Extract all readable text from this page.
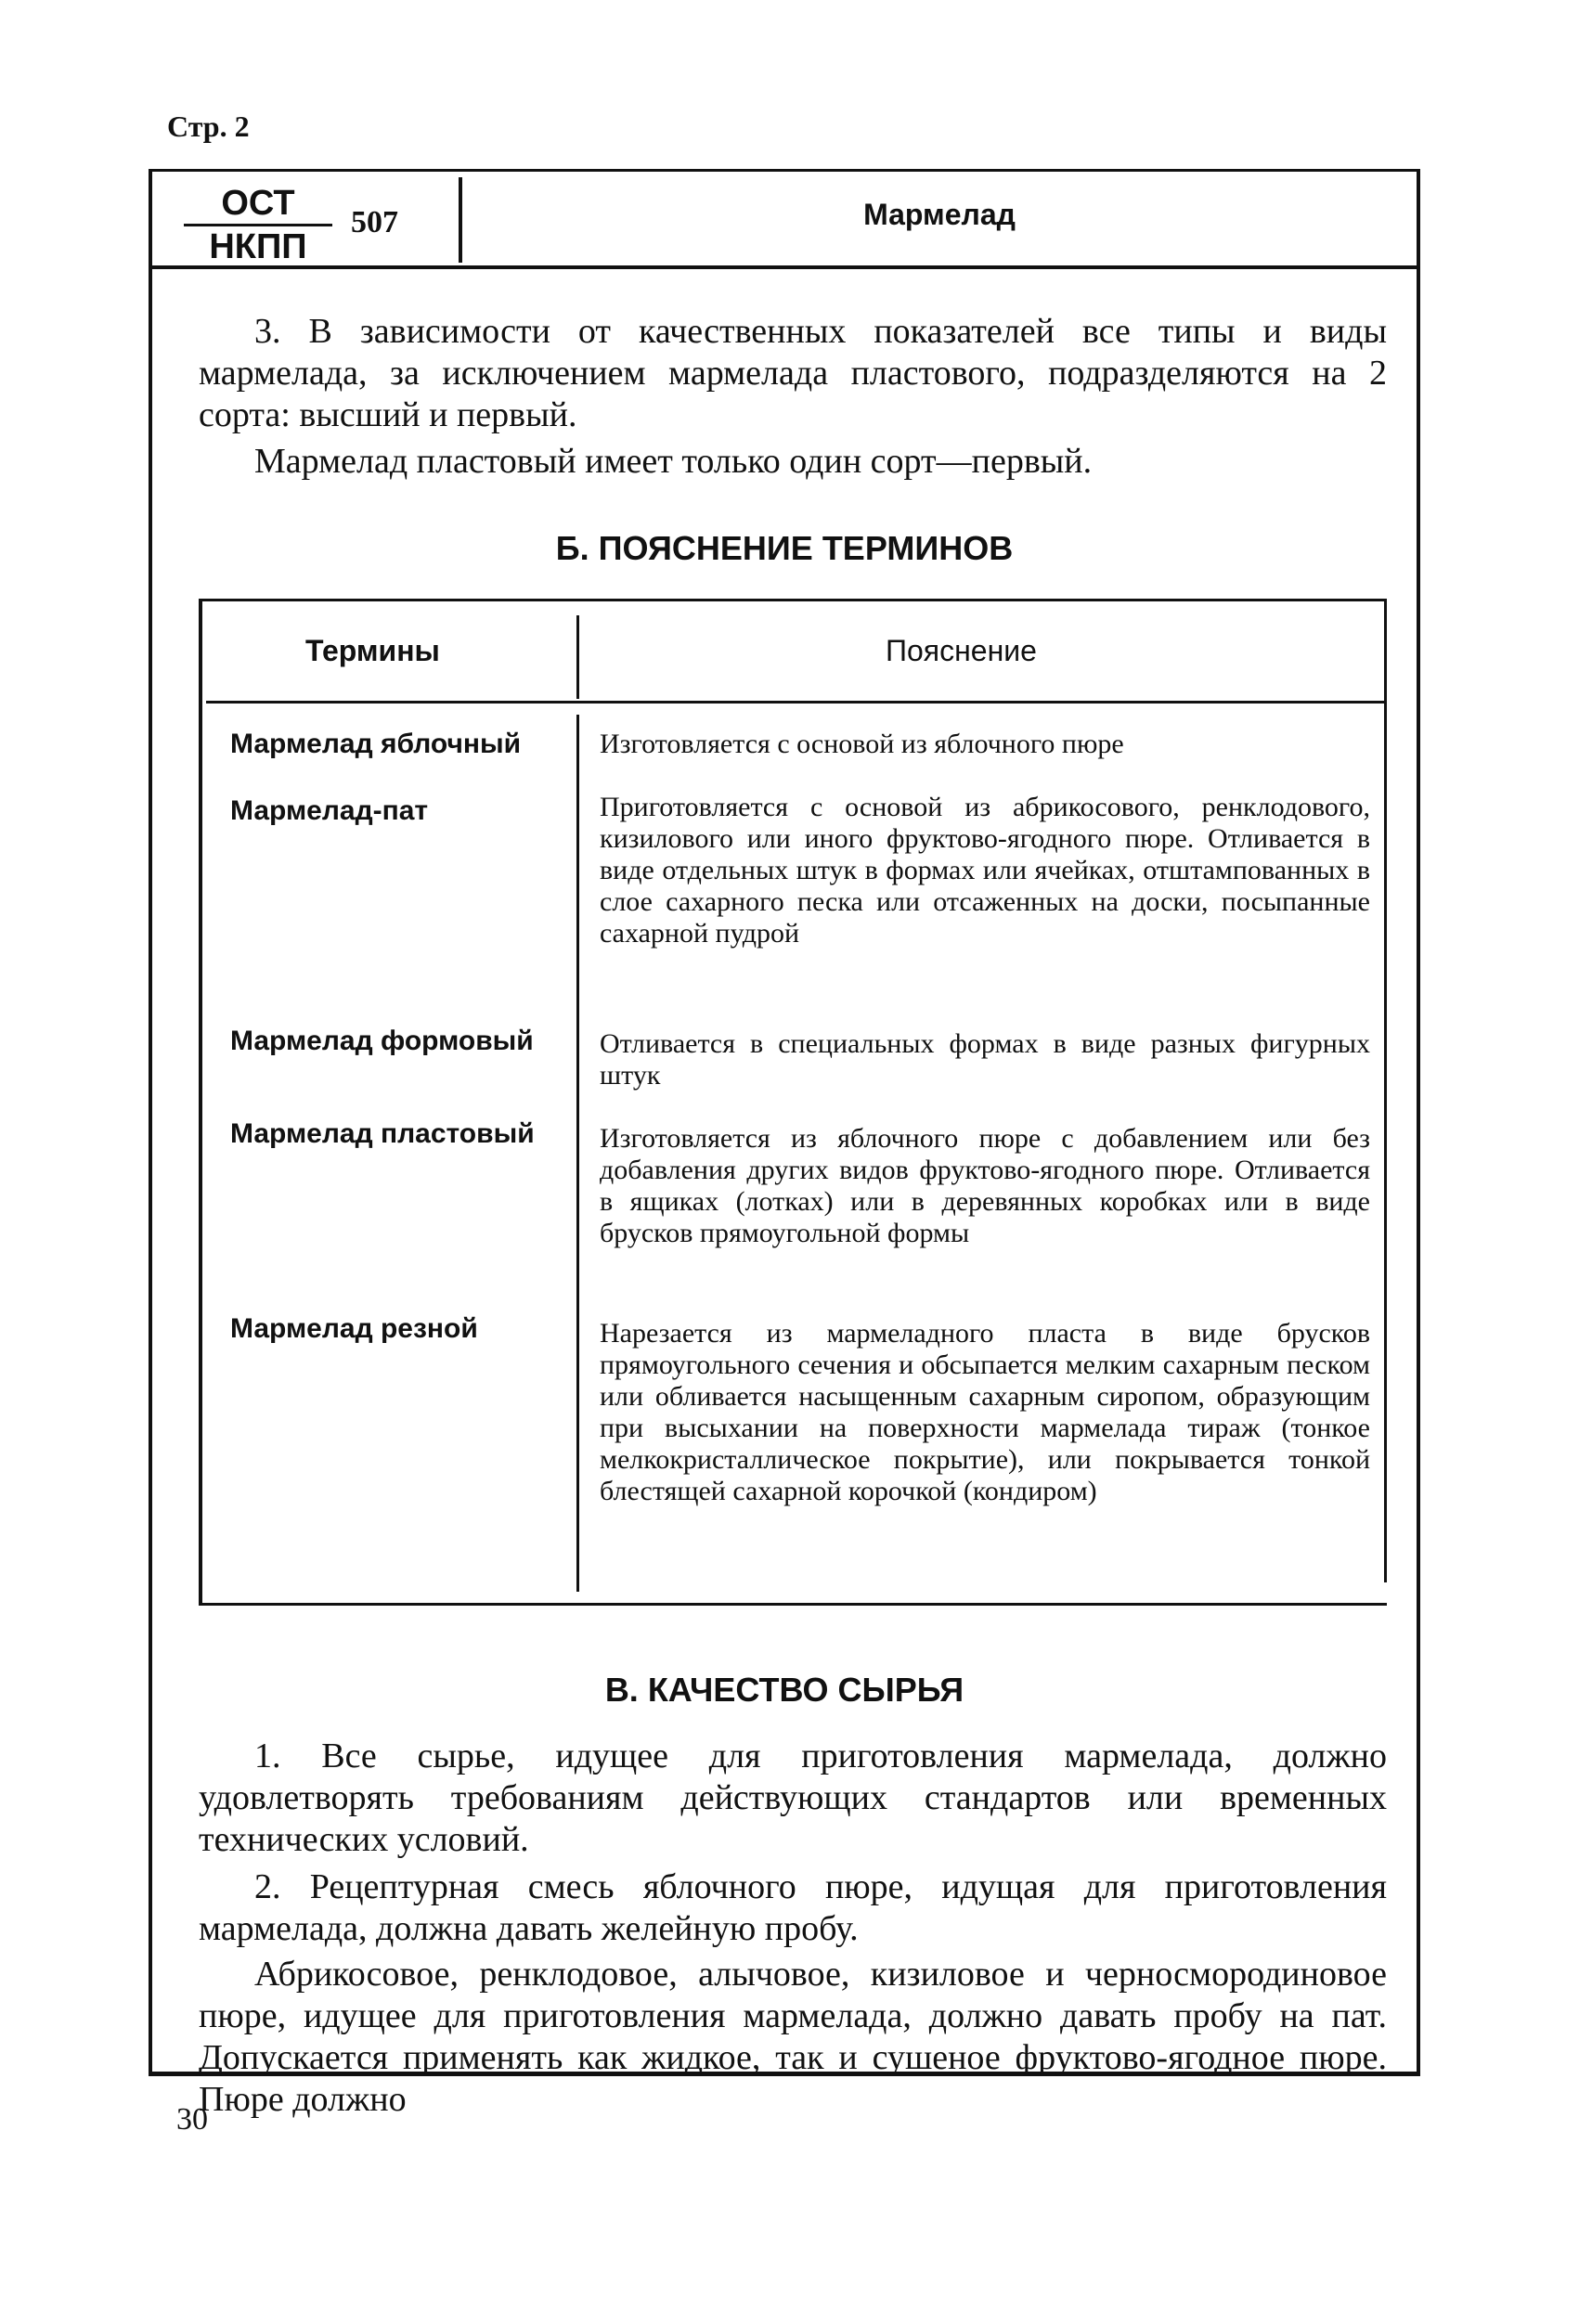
Стр. 2
ОСТ
НКПП
507	Мармелад
3. В зависимости от качественных показателей все типы и виды мармелада, за исключением мармелада пластового, подразделяются на 2 сорта: высший и первый.
Мармелад пластовый имеет только один сорт—первый.
Б. ПОЯСНЕНИЕ ТЕРМИНОВ
Термины	Пояснение
Мармелад яблочный	Изготовляется с основой из яблочного пюре
Мармелад-пат	Приготовляется с основой из абрикосового, ренклодового, кизилового или иного фруктово-ягодного пюре. Отливается в виде отдельных штук в формах или ячейках, отштампованных в слое сахарного песка или отсаженных на доски, посыпанные сахарной пудрой
Мармелад формовый	Отливается в специальных формах в виде разных фигурных штук
Мармелад пластовый	Изготовляется из яблочного пюре с добавлением или без добавления других видов фруктово-ягодного пюре. Отливается в ящиках (лотках) или в деревянных коробках или в виде брусков прямоугольной формы
Мармелад резной	Нарезается из мармеладного пласта в виде брусков прямоугольного сечения и обсыпается мелким сахарным песком или обливается насыщенным сахарным сиропом, образующим при высыхании на поверхности мармелада тираж (тонкое мелкокристаллическое покрытие), или покрывается тонкой блестящей сахарной корочкой (кондиром)
В. КАЧЕСТВО СЫРЬЯ
1. Все сырье, идущее для приготовления мармелада, должно удовлетворять требованиям действующих стандартов или временных технических условий.
2. Рецептурная смесь яблочного пюре, идущая для приготовления мармелада, должна давать желейную пробу.
Абрикосовое, ренклодовое, алычовое, кизиловое и черносмородиновое пюре, идущее для приготовления мармелада, должно давать пробу на пат. Допускается применять как жидкое, так и сушеное фруктово-ягодное пюре. Пюре должно
30
